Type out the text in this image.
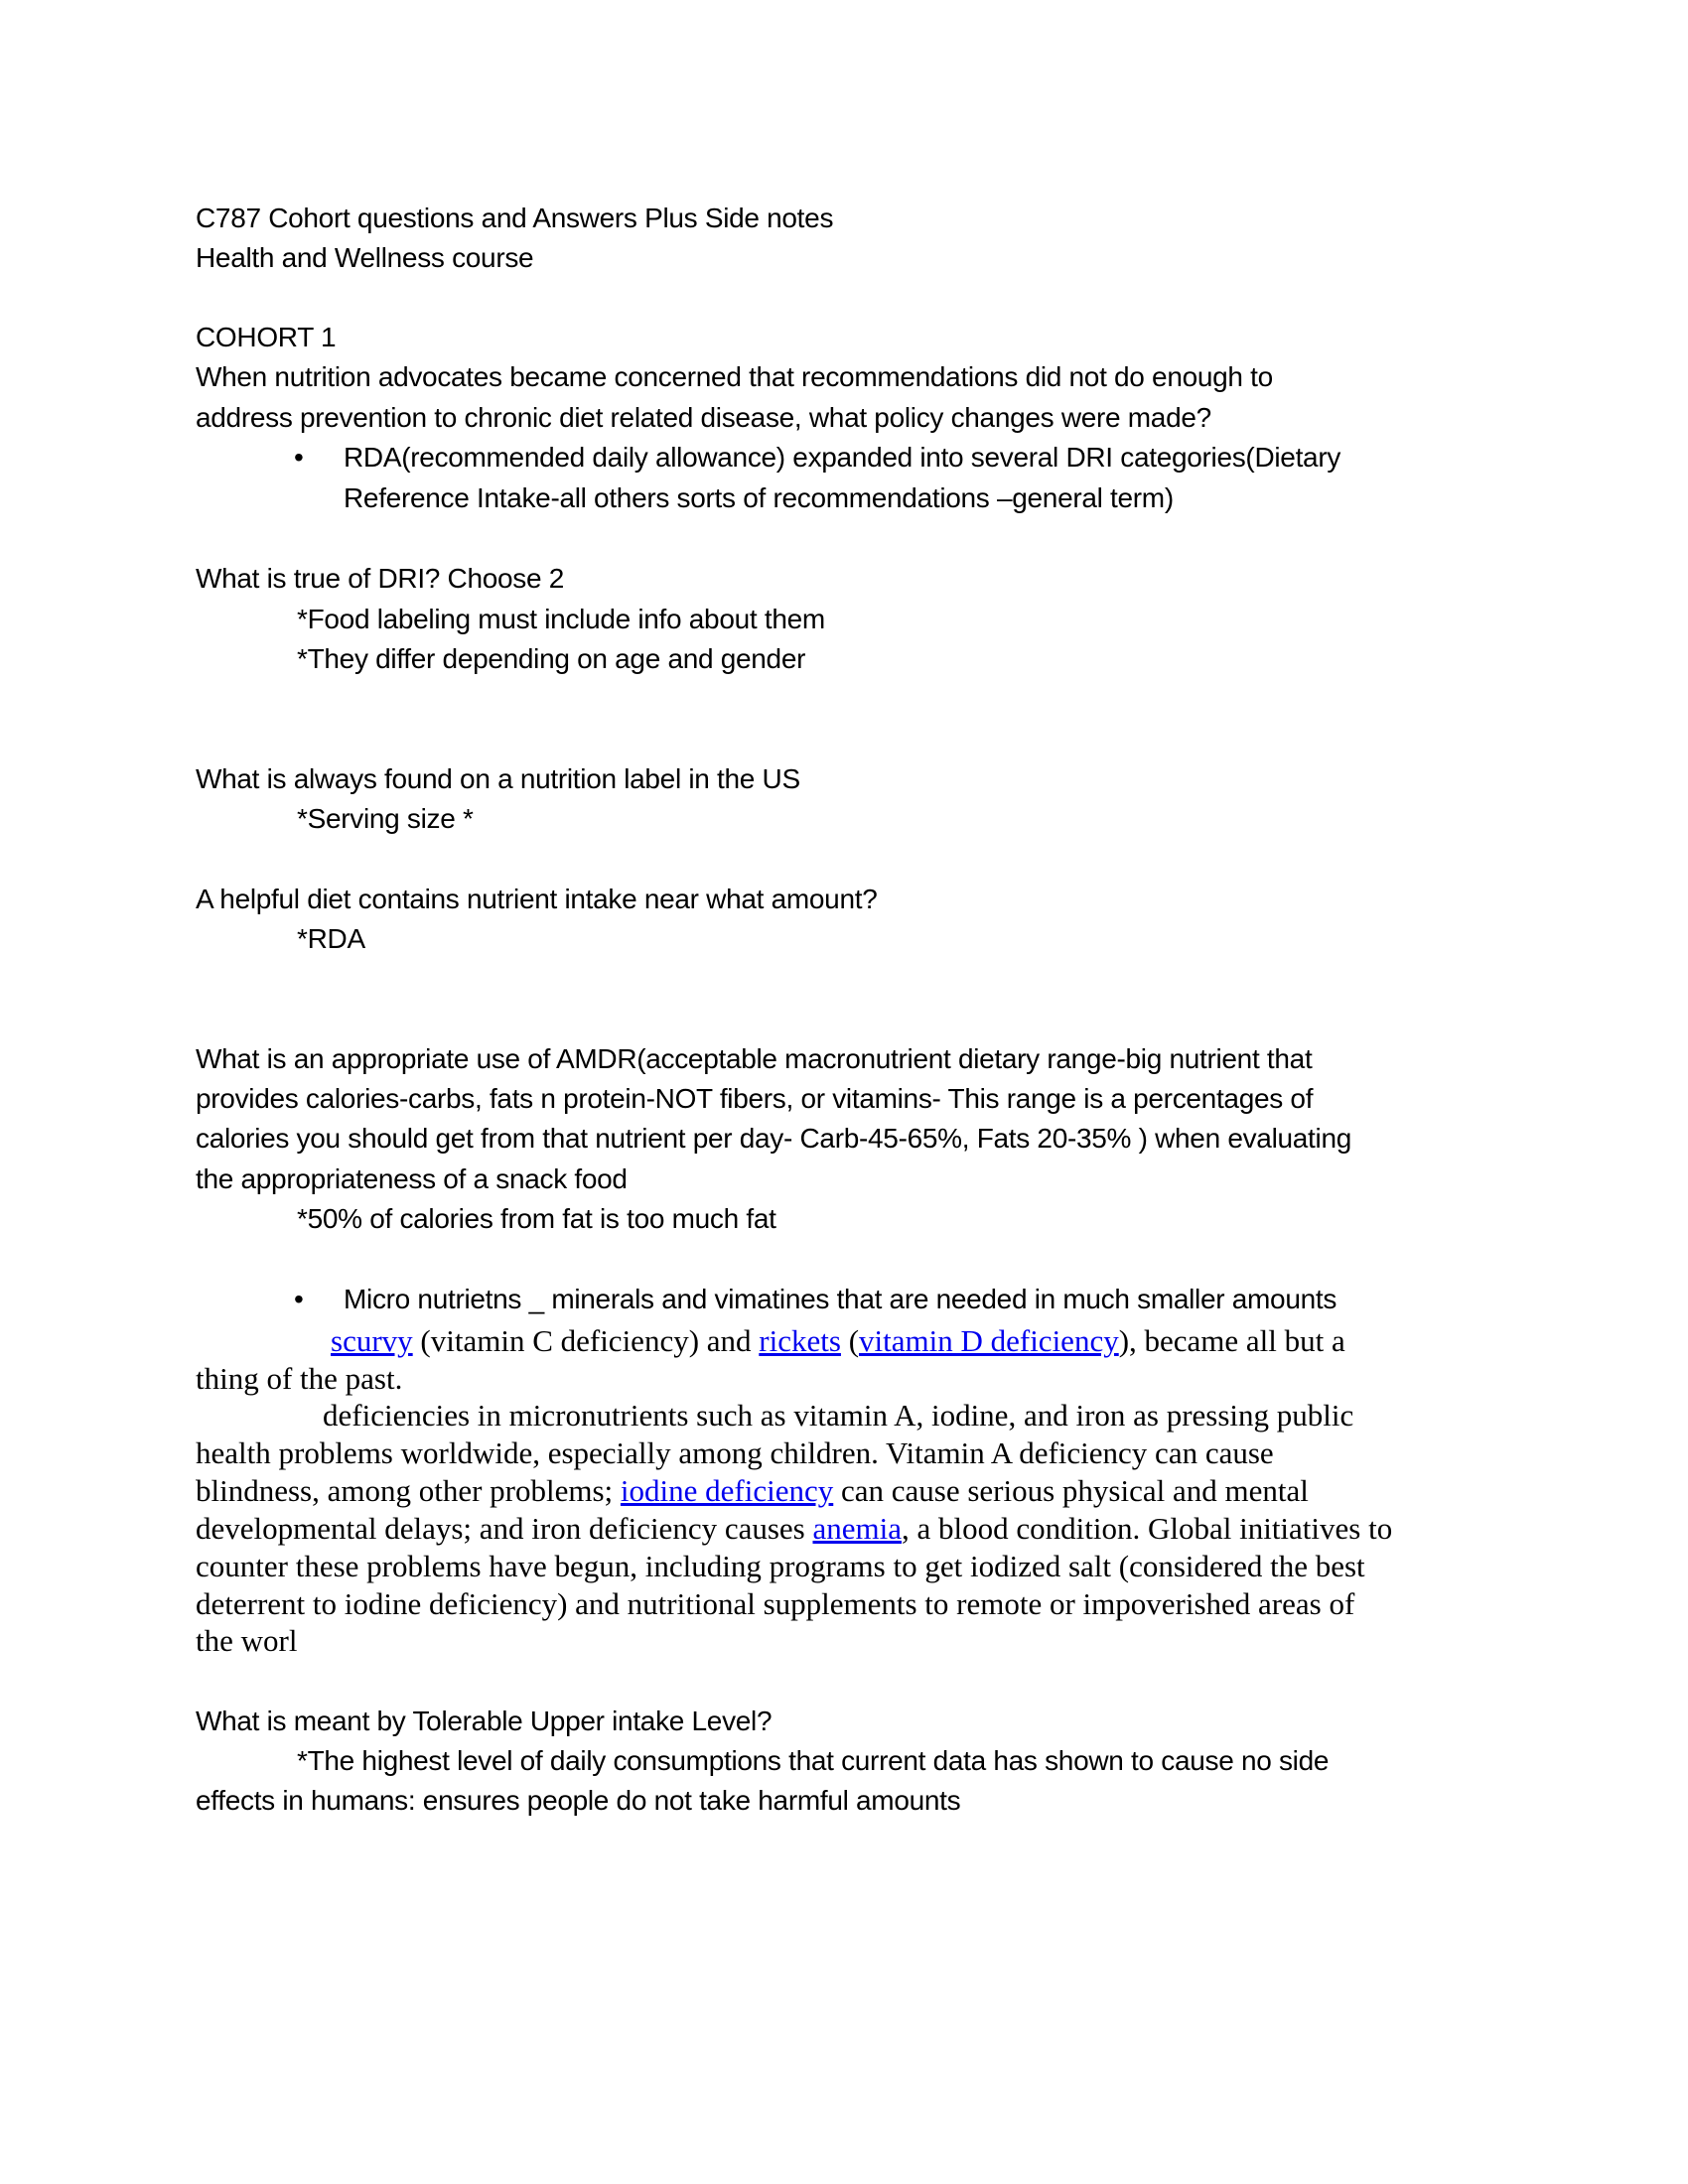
C787 Cohort questions and Answers Plus Side notes
Health and Wellness course
COHORT 1
When nutrition advocates became concerned that recommendations did not do enough to
address prevention to chronic diet related disease, what policy changes were made?
• RDA(recommended daily allowance) expanded into several DRI categories(Dietary
Reference Intake-all others sorts of recommendations –general term)
What is true of DRI? Choose 2
*Food labeling must include info about them
*They differ depending on age and gender
What is always found on a nutrition label in the US
*Serving size *
A helpful diet contains nutrient intake near what amount?
*RDA
What is an appropriate use of AMDR(acceptable macronutrient dietary range-big nutrient that
provides calories-carbs, fats n protein-NOT fibers, or vitamins- This range is a percentages of
calories you should get from that nutrient per day- Carb-45-65%, Fats 20-35% ) when evaluating
the appropriateness of a snack food
*50% of calories from fat is too much fat
• Micro nutrietns _ minerals and vimatines that are needed in much smaller amounts
scurvy (vitamin C deficiency) and rickets (vitamin D deficiency), became all but a
thing of the past.
deficiencies in micronutrients such as vitamin A, iodine, and iron as pressing public
health problems worldwide, especially among children. Vitamin A deficiency can cause
blindness, among other problems; iodine deficiency can cause serious physical and mental
developmental delays; and iron deficiency causes anemia, a blood condition. Global initiatives to
counter these problems have begun, including programs to get iodized salt (considered the best
deterrent to iodine deficiency) and nutritional supplements to remote or impoverished areas of
the worl
What is meant by Tolerable Upper intake Level?
*The highest level of daily consumptions that current data has shown to cause no side
effects in humans: ensures people do not take harmful amounts
